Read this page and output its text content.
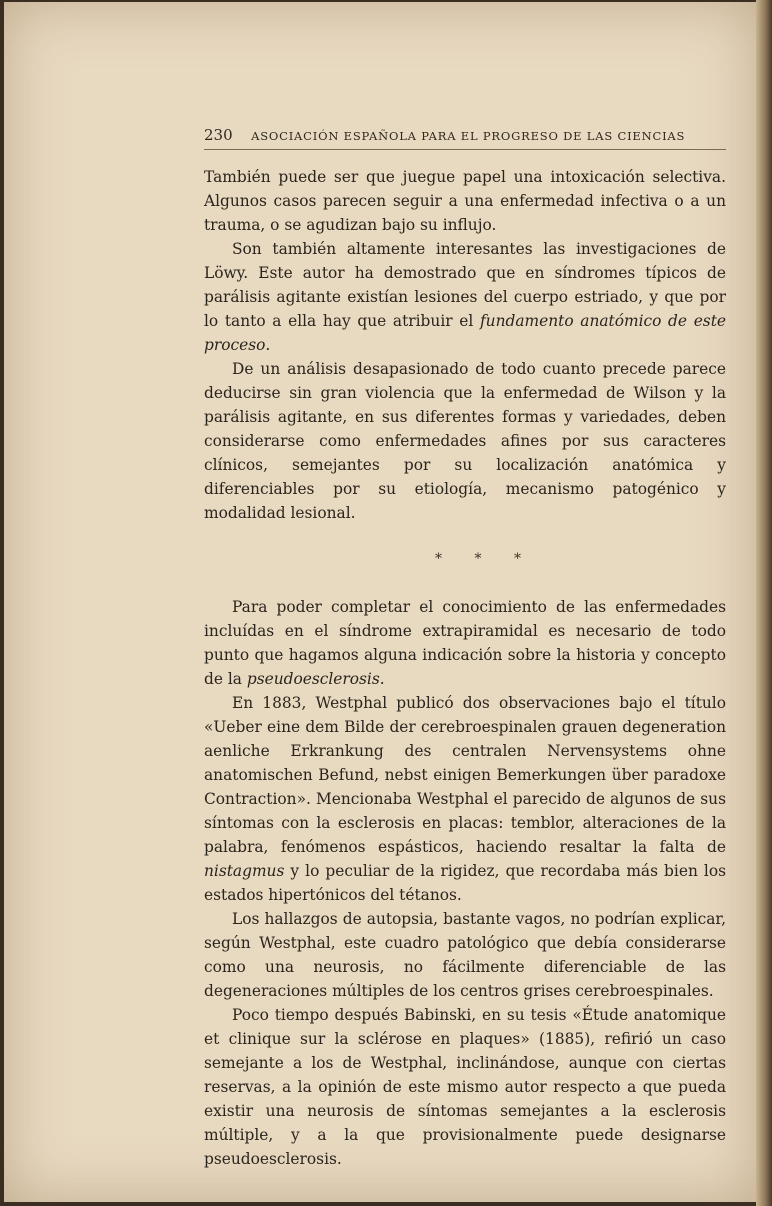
230 ASOCIACIÓN ESPAÑOLA PARA EL PROGRESO DE LAS CIENCIAS

También puede ser que juegue papel una intoxicación selectiva. Algunos casos parecen seguir a una enfermedad infectiva o a un trauma, o se agudizan bajo su influjo.

Son también altamente interesantes las investigaciones de Löwy. Este autor ha demostrado que en síndromes típicos de parálisis agitante existían lesiones del cuerpo estriado, y que por lo tanto a ella hay que atribuir el fundamento anatómico de este proceso.

De un análisis desapasionado de todo cuanto precede parece deducirse sin gran violencia que la enfermedad de Wilson y la parálisis agitante, en sus diferentes formas y variedades, deben considerarse como enfermedades afines por sus caracteres clínicos, semejantes por su localización anatómica y diferenciables por su etiología, mecanismo patogénico y modalidad lesional.

* * *

Para poder completar el conocimiento de las enfermedades incluídas en el síndrome extrapiramidal es necesario de todo punto que hagamos alguna indicación sobre la historia y concepto de la pseudoesclerosis.

En 1883, Westphal publicó dos observaciones bajo el título «Ueber eine dem Bilde der cerebroespinalen grauen degeneration aenliche Erkrankung des centralen Nervensystems ohne anatomischen Befund, nebst einigen Bemerkungen über paradoxe Contraction». Mencionaba Westphal el parecido de algunos de sus síntomas con la esclerosis en placas: temblor, alteraciones de la palabra, fenómenos espásticos, haciendo resaltar la falta de nistagmus y lo peculiar de la rigidez, que recordaba más bien los estados hipertónicos del tétanos.

Los hallazgos de autopsia, bastante vagos, no podrían explicar, según Westphal, este cuadro patológico que debía considerarse como una neurosis, no fácilmente diferenciable de las degeneraciones múltiples de los centros grises cerebroespinales.

Poco tiempo después Babinski, en su tesis «Étude anatomique et clinique sur la sclérose en plaques» (1885), refirió un caso semejante a los de Westphal, inclinándose, aunque con ciertas reservas, a la opinión de este mismo autor respecto a que pueda existir una neurosis de síntomas semejantes a la esclerosis múltiple, y a la que provisionalmente puede designarse pseudoesclerosis.
